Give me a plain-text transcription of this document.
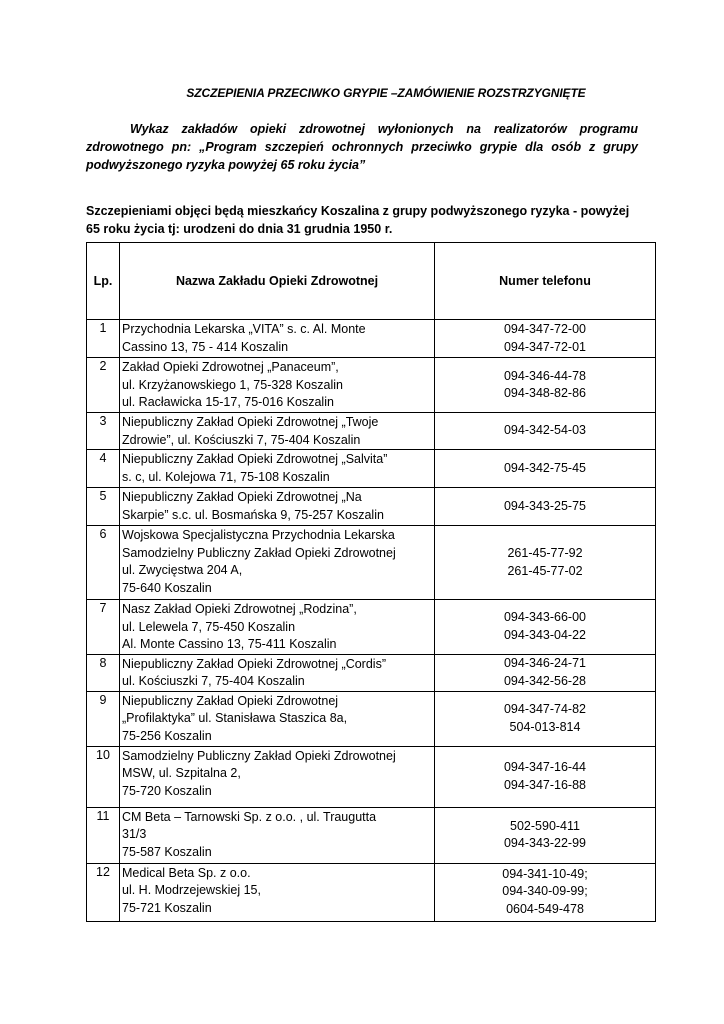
SZCZEPIENIA PRZECIWKO GRYPIE –ZAMÓWIENIE ROZSTRZYGNIĘTE
Wykaz zakładów opieki zdrowotnej wyłonionych na realizatorów programu zdrowotnego pn: „Program szczepień ochronnych przeciwko grypie dla osób z grupy podwyższonego ryzyka powyżej 65 roku życia”
Szczepieniami objęci będą mieszkańcy Koszalina z grupy podwyższonego ryzyka - powyżej 65 roku życia tj: urodzeni do dnia 31 grudnia 1950 r.
Lp.	Nazwa Zakładu Opieki Zdrowotnej	Numer telefonu
1	Przychodnia Lekarska „VITA” s. c. Al. Monte
Cassino 13, 75 - 414 Koszalin	094-347-72-00
094-347-72-01

2	Zakład Opieki Zdrowotnej „Panaceum”,
ul. Krzyżanowskiego 1, 75-328 Koszalin
ul. Racławicka 15-17, 75-016 Koszalin	094-346-44-78
094-348-82-86

3	Niepubliczny Zakład Opieki Zdrowotnej „Twoje
Zdrowie”, ul. Kościuszki 7, 75-404 Koszalin	094-342-54-03

4	Niepubliczny Zakład Opieki Zdrowotnej „Salvita”
s. c, ul. Kolejowa 71, 75-108 Koszalin	094-342-75-45

5	Niepubliczny Zakład Opieki Zdrowotnej „Na
Skarpie” s.c. ul. Bosmańska 9, 75-257 Koszalin	094-343-25-75

6	Wojskowa Specjalistyczna Przychodnia Lekarska
Samodzielny Publiczny Zakład Opieki Zdrowotnej
ul. Zwycięstwa 204 A,
75-640 Koszalin	261-45-77-92
261-45-77-02

7	Nasz Zakład Opieki Zdrowotnej „Rodzina”,
ul. Lelewela 7, 75-450 Koszalin
Al. Monte Cassino 13, 75-411 Koszalin	094-343-66-00
094-343-04-22

8	Niepubliczny Zakład Opieki Zdrowotnej „Cordis”
ul. Kościuszki 7, 75-404 Koszalin	094-346-24-71
094-342-56-28

9	Niepubliczny Zakład Opieki Zdrowotnej
„Profilaktyka” ul. Stanisława Staszica 8a,
75-256 Koszalin	094-347-74-82
504-013-814

10	Samodzielny Publiczny Zakład Opieki Zdrowotnej
MSW, ul. Szpitalna 2,
75-720 Koszalin	094-347-16-44
094-347-16-88

11	CM Beta – Tarnowski Sp. z o.o. , ul. Traugutta
31/3
75-587 Koszalin	502-590-411
094-343-22-99

12	Medical Beta Sp. z o.o.
ul. H. Modrzejewskiej 15,
75-721 Koszalin	094-341-10-49;
094-340-09-99;
0604-549-478
